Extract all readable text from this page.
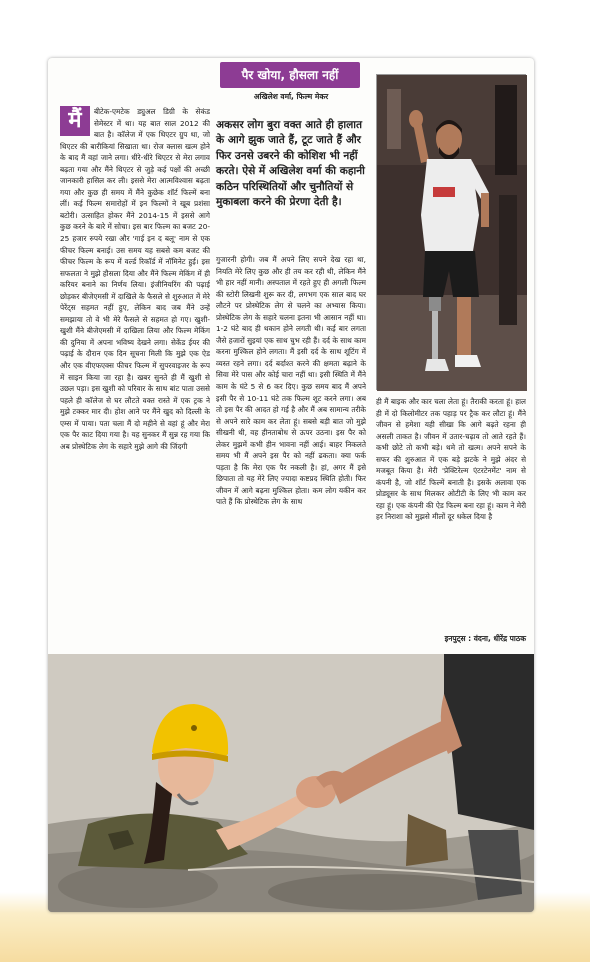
पैर खोया, हौसला नहीं
अखिलेश वर्मा, फिल्म मेकर
मैं	बीटेक-एमटेक ड्युअल डिग्री के सेकंड सेमेस्टर में था। यह बात साल 2012 की बात है। कॉलेज में एक थिएटर ग्रुप था, जो थिएटर की बारीकियां सिखाता था। रोज क्लास खत्म होने के बाद मैं वहां जाने लगा। धीरे-धीरे थिएटर से मेरा लगाव बढ़ता गया और मैंने थिएटर से जुड़े कई पक्षों की अच्छी जानकारी हासिल कर ली। इससे मेरा आत्मविश्वास बढ़ता गया और कुछ ही समय में मैंने कुछेक शॉर्ट फिल्में बना लीं। कई फिल्म समारोहों में इन फिल्मों ने खूब प्रशंसा बटोरी। उत्साहित होकर मैंने 2014-15 में इससे आगे कुछ करने के बारे में सोचा। इस बार फिल्म का बजट 20-25 हजार रुपये रखा और 'गाई इन द बलू' नाम से एक फीचर फिल्म बनाई। उस समय यह सबसे कम बजट की फीचर फिल्म के रूप में वर्ल्ड रिकॉर्ड में नॉमिनेट हुई। इस सफलता ने मुझे हौसला दिया और मैंने फिल्म मेकिंग में ही करियर बनाने का निर्णय लिया। इंजीनियरिंग की पढ़ाई छोड़कर बीजेएमसी में दाखिले के फैसले से शुरुआत में मेरे पेरेंट्स सहमत नहीं हुए, लेकिन बाद जब मैंने उन्हें समझाया तो वे भी मेरे फैसले से सहमत हो गए। खुशी-खुशी मैंने बीजेएमसी में दाखिला लिया और फिल्म मेकिंग की दुनिया में अपना भविष्य देखने लगा। सेकेंड ईयर की पढ़ाई के दौरान एक दिन सूचना मिली कि मुझे एक ऐड और एक वीएफएक्स फीचर फिल्म में सुपरवाइजर के रूप में साइन किया जा रहा है। खबर सुनते ही मैं खुशी से उछल पड़ा। इस खुशी को परिवार के साथ बांट पाता उससे पहले ही कॉलेज से घर लौटते वक्त रास्ते में एक ट्रक ने मुझे टक्कर मार दी। होश आने पर मैंने खुद को दिल्ली के एम्स में पाया। पता चला मैं दो महीने से वहां हूं और मेरा एक पैर काट दिया गया है। यह सुनकर मैं सुन्न रह गया कि अब प्रोस्थेटिक लेग के सहारे मुझे आगे की जिंदगी
अकसर लोग बुरा वक्त आते ही हालात के आगे झुक जाते हैं, टूट जाते हैं और फिर उनसे उबरने की कोशिश भी नहीं करते। ऐसे में अखिलेश वर्मा की कहानी कठिन परिस्थितियों और चुनौतियों से मुकाबला करने की प्रेरणा देती है।
गुजारनी होगी। जब मैं अपने लिए सपने देख रहा था, नियति मेरे लिए कुछ और ही तय कर रही थी, लेकिन मैंने भी हार नहीं मानी। अस्पताल में रहते हुए ही अगली फिल्म की स्टोरी लिखनी शुरू कर दी, लगभग एक साल बाद घर लौटने पर प्रोस्थेटिक लेग से चलने का अभ्यास किया। प्रोस्थेटिक लेग के सहारे चलना इतना भी आसान नहीं था। 1-2 घंटे बाद ही थकान होने लगती थी। कई बार लगता जैसे हजारों सुइयां एक साथ चुभ रही हैं। दर्द के साथ काम करना मुश्किल होने लगता। मैं इसी दर्द के साथ शूटिंग में व्यस्त रहने लगा। दर्द बर्दाश्त करने की क्षमता बढ़ाने के सिवा मेरे पास और कोई चारा नहीं था। इसी स्थिति में मैंने काम के घंटे 5 से 6 कर दिए। कुछ समय बाद मैं अपने इसी पैर से 10-11 घंटे तक फिल्म शूट करने लगा। अब तो इस पैर की आदत हो गई है और मैं अब सामान्य तरीके से अपने सारे काम कर लेता हूं। सबसे बड़ी बात जो मुझे सीखनी थी, वह हीनताबोध से ऊपर उठना। इस पैर को लेकर मुझमें कभी हीन भावना नहीं आई। बाहर निकलते समय भी मैं अपने इस पैर को नहीं ढकता। क्या फर्क पड़ता है कि मेरा एक पैर नकली है। हां, अगर मैं इसे छिपाता तो यह मेरे लिए ज्यादा कष्टप्रद स्थिति होती। फिर जीवन में आगे बढ़ना मुश्किल होता। कम लोग यकीन कर पाते हैं कि प्रोस्थेटिक लेग के साथ
ही मैं बाइक और कार चला लेता हूं। तैराकी करता हूं। हाल ही में दो किलोमीटर तक पहाड़ पर ट्रैक कर लौटा हूं। मैंने जीवन से हमेशा यही सीखा कि आगे बढ़ते रहना ही असली ताकत है। जीवन में उतार-चढ़ाव तो आते रहते हैं। कभी छोटे तो कभी बड़े। थमे तो खत्म। अपने सपने के सफर की शुरुआत में एक बड़े झटके ने मुझे अंदर से मजबूत किया है। मेरी 'प्रेक्टिरेल्म एंटरटेनमेंट' नाम से कंपनी है, जो शॉर्ट फिल्में बनाती है। इसके अलावा एक प्रोड्यूसर के साथ मिलकर ओटीटी के लिए भी काम कर रहा हूं। एक कंपनी की ऐड फिल्म बना रहा हूं। काम ने मेरी हर निराशा को मुझसे मीलों दूर धकेल दिया है
इनपुट्स : वंदना, धीरेंद्र पाठक
